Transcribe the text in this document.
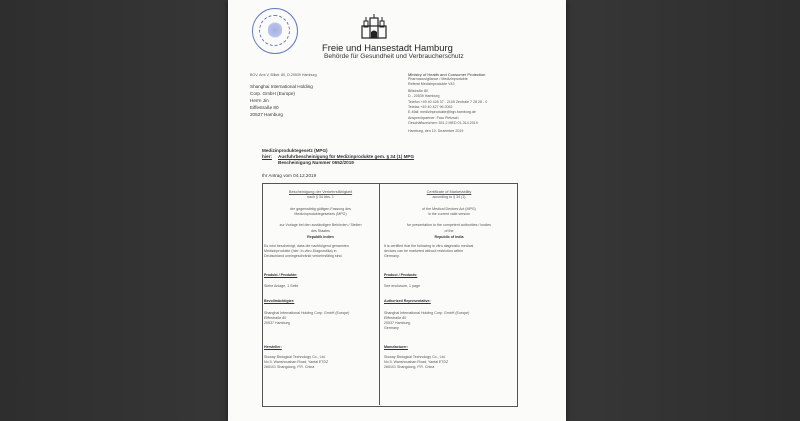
Freie und Hansestadt Hamburg
Behörde für Gesundheit und Verbraucherschutz
BGV, Amt V, Billstr. 80, D-20539 Hamburg
Shanghai International Holding
Corp. GmbH (Europe)
Herrn Jin
Eiffestraße 80
20537 Hamburg
Ministry of Health and Consumer Protection
Pharmacovigilance / Medizinprodukte
Referat Medizinprodukte V43
Billstraße 80
D - 20539 Hamburg
Telefon +49 40 428 37 - 2105 Zentrale 7 28 28 - 0
Telefax +49 40 427 96 2052
E-Mail: medizinprodukte@bgv.hamburg.de
Ansprechpartner: Frau Pietzsch
Geschäftszeichen: 531.2 MED 01-314.2019
Hamburg, den 10. Dezember 2019
Medizinproduktegesetz (MPG)
hier: Ausfuhrbescheinigung für Medizinprodukte gem. § 34 (1) MPG
Bescheinigung Nummer 0652/2019
Ihr Antrag vom 04.12.2019
Bescheinigung der Verkehrsfähigkeit
nach § 34 Abs. 1
der gegenwärtig gültigen Fassung des
Medizinproduktegesetzes (MPG)
zur Vorlage bei den zuständigen Behörden / Stellen
des Staates
Republik Indien
Es wird bescheinigt, dass die nachfolgend genannten
Medizinprodukte (hier: In-vitro-Diagnostika) in
Deutschland uneingeschränkt verkehrsfähig sind.
Produkt / Produkte:
Siehe Anlage, 1 Seite
Bevollmächtigter:
Shanghai International Holding Corp. GmbH (Europe)
Eiffestraße 80
20537 Hamburg
Hersteller:
Sioway Biological Technology Co., Ltd.
No.5, Wanshoushan Road, Yantai ETDZ
265101 Shangdong, P.R. China
Certificate of Marketability
according to § 34 (1)
of the Medical Devices Act (MPG)
in the current valid version
for presentation to the competent authorities / bodies
of the
Republic of India
It is certified that the following in vitro diagnostic medical
devices can be marketed without restriction within
Germany.
Product / Products:
See enclosure, 1 page
Authorized Representative:
Shanghai International Holding Corp. GmbH (Europe)
Eiffestraße 80
20537 Hamburg,
Germany
Manufacturer:
Sioway Biological Technology Co., Ltd.
No.5, Wanshoushan Road, Yantai ETDZ
265101 Shangdong, P.R. China
